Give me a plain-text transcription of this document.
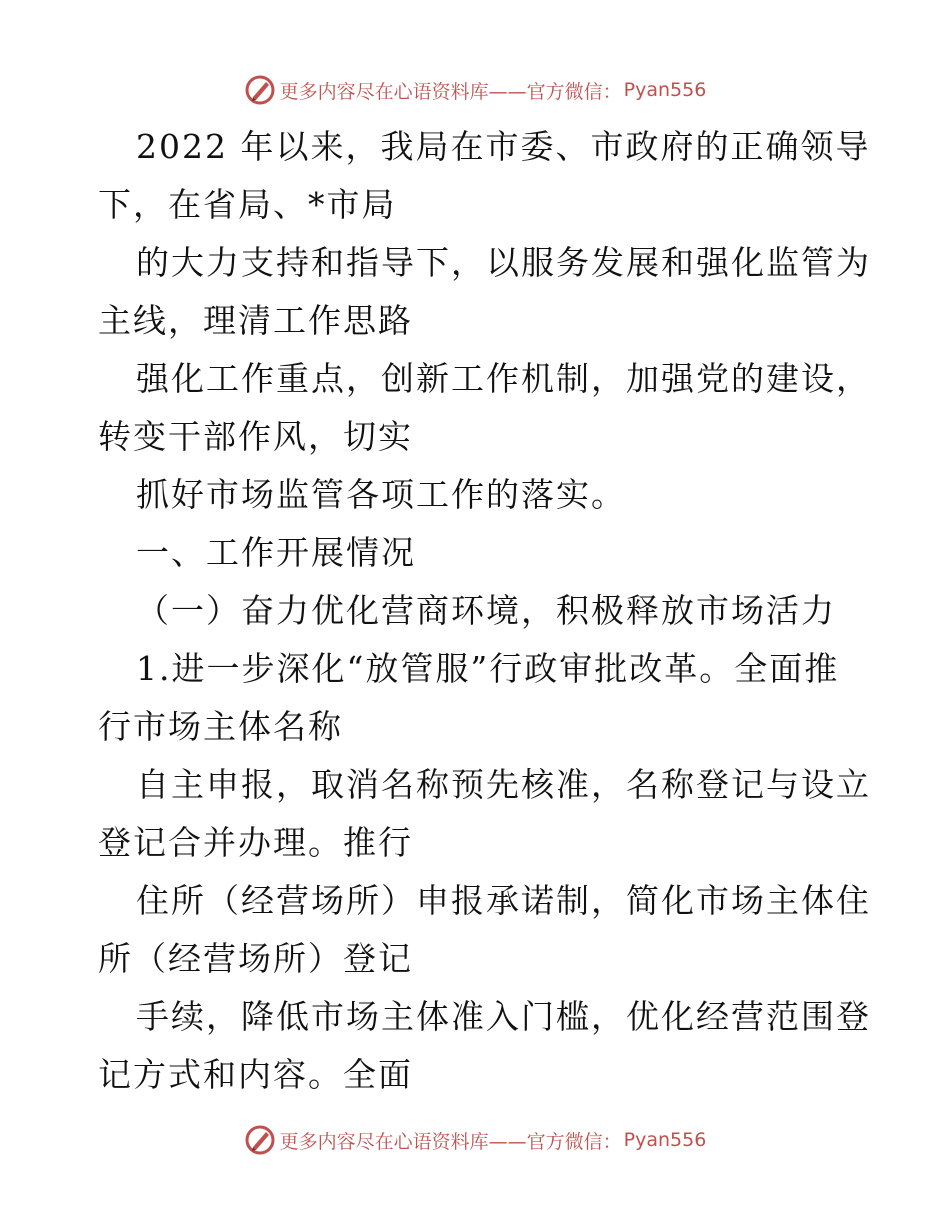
更多内容尽在心语资料库——官方微信： Pyan556
2022 年以来，我局在市委、市政府的正确领导
下，在省局、*市局
的大力支持和指导下，以服务发展和强化监管为
主线，理清工作思路
强化工作重点，创新工作机制，加强党的建设，
转变干部作风，切实
抓好市场监管各项工作的落实。
一、工作开展情况
（一）奋力优化营商环境，积极释放市场活力
1.进一步深化“放管服”行政审批改革。全面推
行市场主体名称
自主申报，取消名称预先核准，名称登记与设立
登记合并办理。推行
住所（经营场所）申报承诺制，简化市场主体住
所（经营场所）登记
手续，降低市场主体准入门槛，优化经营范围登
记方式和内容。全面
更多内容尽在心语资料库——官方微信： Pyan556
